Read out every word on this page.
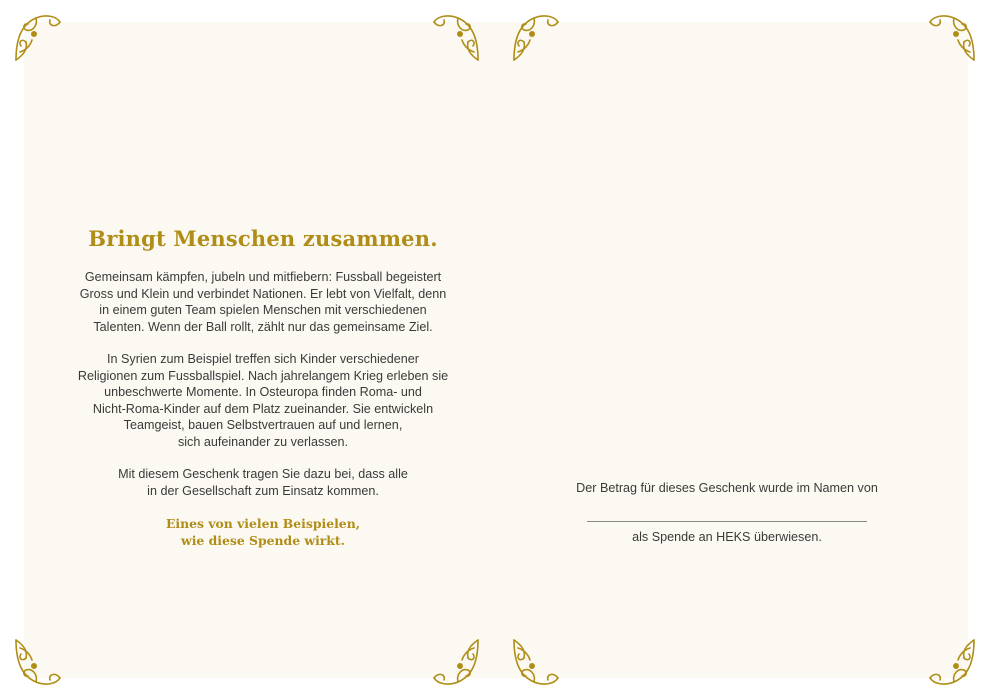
Bringt Menschen zusammen.
Gemeinsam kämpfen, jubeln und mitfiebern: Fussball begeistert
Gross und Klein und verbindet Nationen. Er lebt von Vielfalt, denn
in einem guten Team spielen Menschen mit verschiedenen
Talenten. Wenn der Ball rollt, zählt nur das gemeinsame Ziel.
In Syrien zum Beispiel treffen sich Kinder verschiedener
Religionen zum Fussballspiel. Nach jahrelangem Krieg erleben sie
unbeschwerte Momente. In Osteuropa finden Roma- und
Nicht-Roma-Kinder auf dem Platz zueinander. Sie entwickeln
Teamgeist, bauen Selbstvertrauen auf und lernen,
sich aufeinander zu verlassen.
Mit diesem Geschenk tragen Sie dazu bei, dass alle
in der Gesellschaft zum Einsatz kommen.
Eines von vielen Beispielen,
wie diese Spende wirkt.
Der Betrag für dieses Geschenk wurde im Namen von
als Spende an HEKS überwiesen.
